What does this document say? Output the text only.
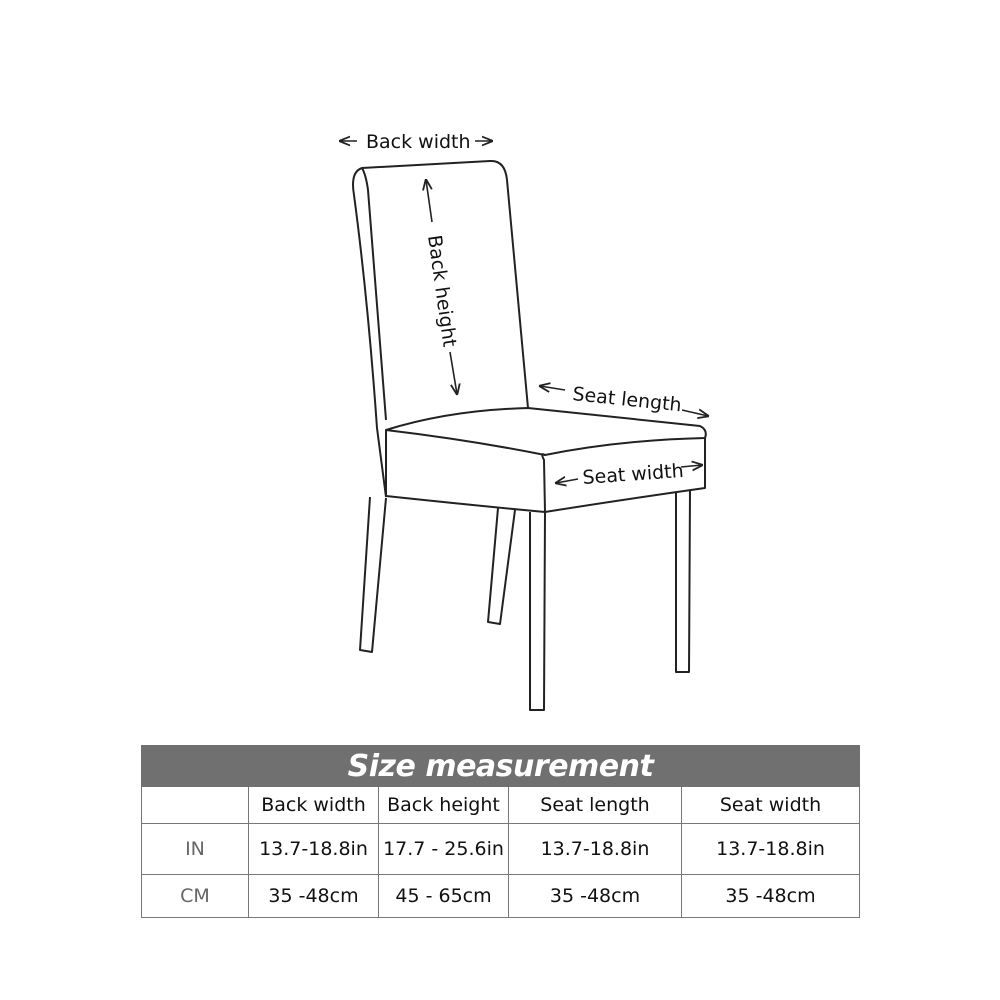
Back width
Back height
Seat length
Seat width
Size measurement				
	Back width	Back height	Seat length	Seat width
IN	13.7-18.8in	17.7 - 25.6in	13.7-18.8in	13.7-18.8in
CM	35 -48cm	45 - 65cm	35 -48cm	35 -48cm
